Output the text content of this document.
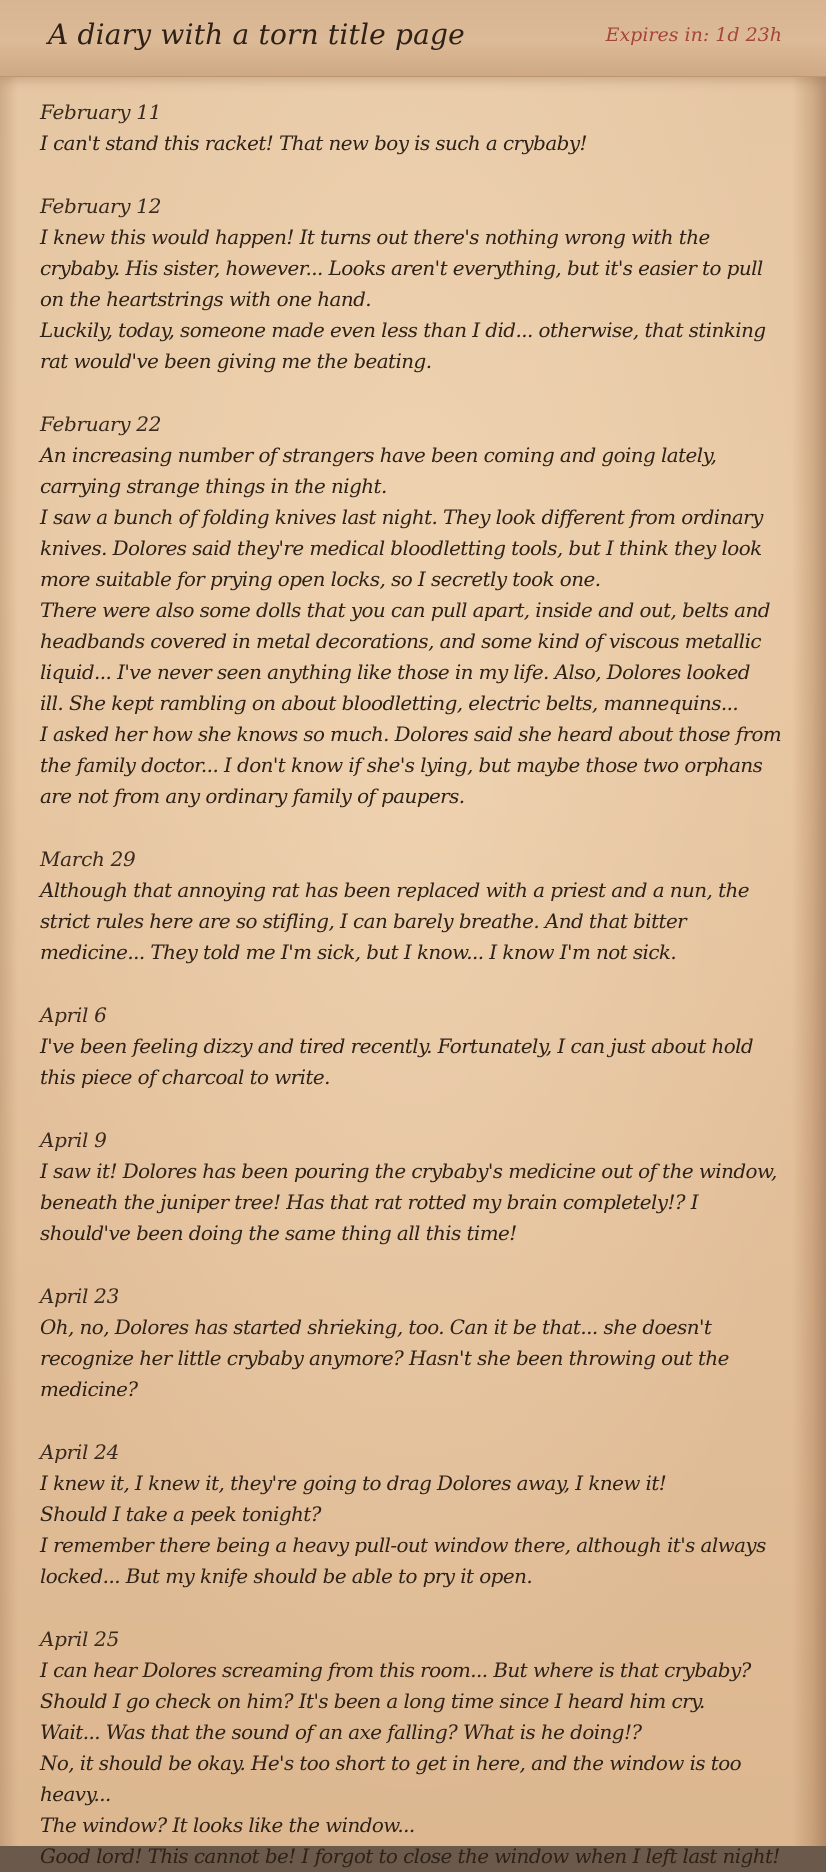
A diary with a torn title page	Expires in: 1d 23h
February 11
I can't stand this racket! That new boy is such a crybaby!
February 12
I knew this would happen! It turns out there's nothing wrong with the
crybaby. His sister, however... Looks aren't everything, but it's easier to pull
on the heartstrings with one hand.
Luckily, today, someone made even less than I did... otherwise, that stinking
rat would've been giving me the beating.
February 22
An increasing number of strangers have been coming and going lately,
carrying strange things in the night.
I saw a bunch of folding knives last night. They look different from ordinary
knives. Dolores said they're medical bloodletting tools, but I think they look
more suitable for prying open locks, so I secretly took one.
There were also some dolls that you can pull apart, inside and out, belts and
headbands covered in metal decorations, and some kind of viscous metallic
liquid... I've never seen anything like those in my life. Also, Dolores looked
ill. She kept rambling on about bloodletting, electric belts, mannequins...
I asked her how she knows so much. Dolores said she heard about those from
the family doctor... I don't know if she's lying, but maybe those two orphans
are not from any ordinary family of paupers.
March 29
Although that annoying rat has been replaced with a priest and a nun, the
strict rules here are so stifling, I can barely breathe. And that bitter
medicine... They told me I'm sick, but I know... I know I'm not sick.
April 6
I've been feeling dizzy and tired recently. Fortunately, I can just about hold
this piece of charcoal to write.
April 9
I saw it! Dolores has been pouring the crybaby's medicine out of the window,
beneath the juniper tree! Has that rat rotted my brain completely!? I
should've been doing the same thing all this time!
April 23
Oh, no, Dolores has started shrieking, too. Can it be that... she doesn't
recognize her little crybaby anymore? Hasn't she been throwing out the
medicine?
April 24
I knew it, I knew it, they're going to drag Dolores away, I knew it!
Should I take a peek tonight?
I remember there being a heavy pull-out window there, although it's always
locked... But my knife should be able to pry it open.
April 25
I can hear Dolores screaming from this room... But where is that crybaby?
Should I go check on him? It's been a long time since I heard him cry.
Wait... Was that the sound of an axe falling? What is he doing!?
No, it should be okay. He's too short to get in here, and the window is too
heavy...
The window? It looks like the window...
Good lord! This cannot be! I forgot to close the window when I left last night!
